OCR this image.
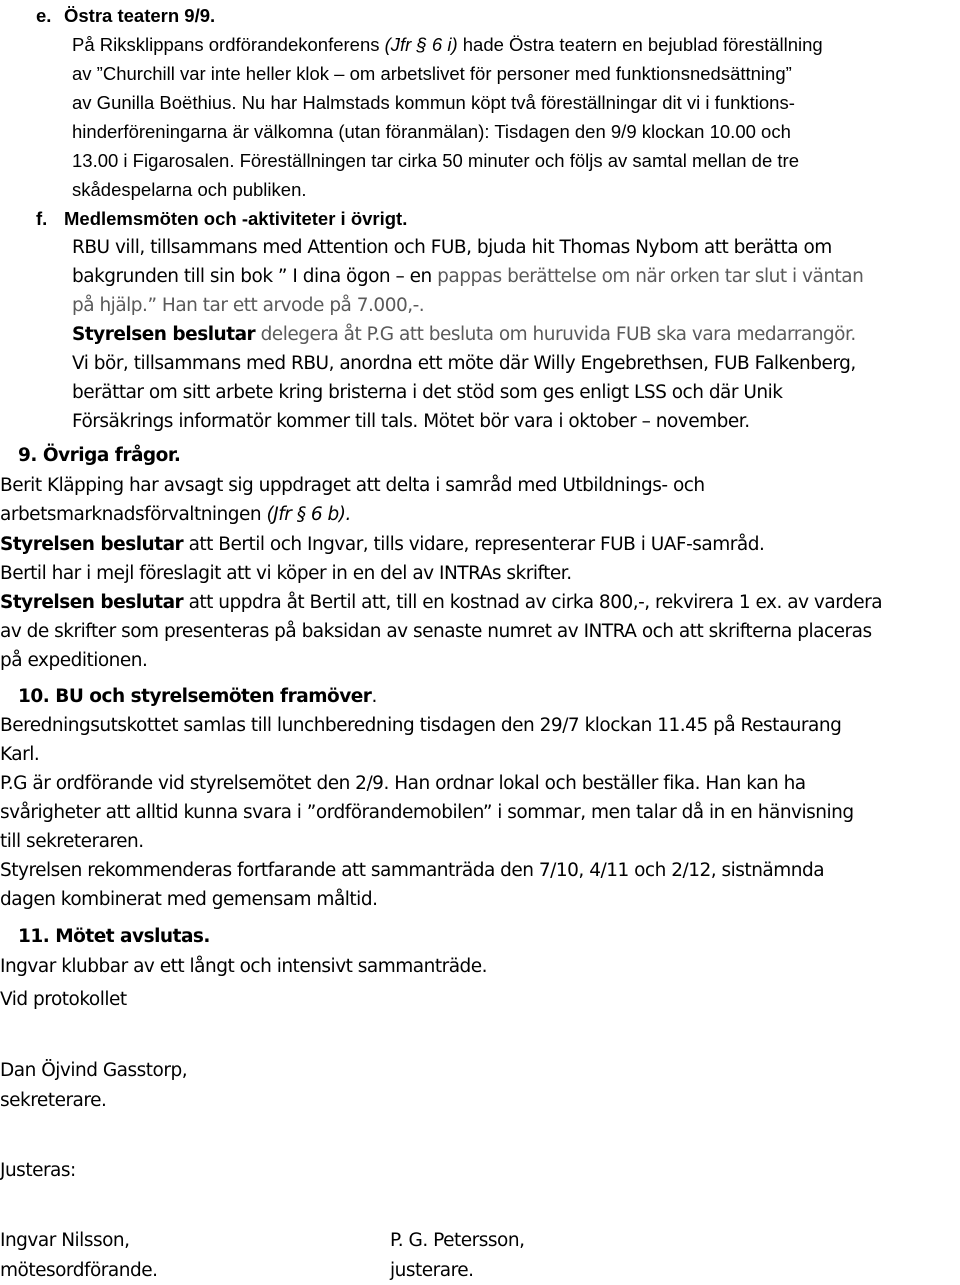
e. Östra teatern 9/9.
På Riksklippans ordförandekonferens (Jfr § 6 i) hade Östra teatern en bejublad föreställning
av ”Churchill var inte heller klok – om arbetslivet för personer med funktionsnedsättning”
av Gunilla Boëthius. Nu har Halmstads kommun köpt två föreställningar dit vi i funktions-
hinderföreningarna är välkomna (utan föranmälan): Tisdagen den 9/9 klockan 10.00 och
13.00 i Figarosalen. Föreställningen tar cirka 50 minuter och följs av samtal mellan de tre
skådespelarna och publiken.
f. Medlemsmöten och -aktiviteter i övrigt.
RBU vill, tillsammans med Attention och FUB, bjuda hit Thomas Nybom att berätta om
bakgrunden till sin bok ” I dina ögon – en pappas berättelse om när orken tar slut i väntan
på hjälp.” Han tar ett arvode på 7.000,-.
Styrelsen beslutar delegera åt P.G att besluta om huruvida FUB ska vara medarrangör.
Vi bör, tillsammans med RBU, anordna ett möte där Willy Engebrethsen, FUB Falkenberg,
berättar om sitt arbete kring bristerna i det stöd som ges enligt LSS och där Unik
Försäkrings informatör kommer till tals. Mötet bör vara i oktober – november.
9. Övriga frågor.
Berit Kläpping har avsagt sig uppdraget att delta i samråd med Utbildnings- och
arbetsmarknadsförvaltningen (Jfr § 6 b).
Styrelsen beslutar att Bertil och Ingvar, tills vidare, representerar FUB i UAF-samråd.
Bertil har i mejl föreslagit att vi köper in en del av INTRAs skrifter.
Styrelsen beslutar att uppdra åt Bertil att, till en kostnad av cirka 800,-, rekvirera 1 ex. av vardera
av de skrifter som presenteras på baksidan av senaste numret av INTRA och att skrifterna placeras
på expeditionen.
10. BU och styrelsemöten framöver.
Beredningsutskottet samlas till lunchberedning tisdagen den 29/7 klockan 11.45 på Restaurang
Karl.
P.G är ordförande vid styrelsemötet den 2/9. Han ordnar lokal och beställer fika. Han kan ha
svårigheter att alltid kunna svara i ”ordförandemobilen” i sommar, men talar då in en hänvisning
till sekreteraren.
Styrelsen rekommenderas fortfarande att sammanträda den 7/10, 4/11 och 2/12, sistnämnda
dagen kombinerat med gemensam måltid.
11. Mötet avslutas.
Ingvar klubbar av ett långt och intensivt sammanträde.
Vid protokollet
Dan Öjvind Gasstorp,
sekreterare.
Justeras:
Ingvar Nilsson,
mötesordförande.
P. G. Petersson,
justerare.
